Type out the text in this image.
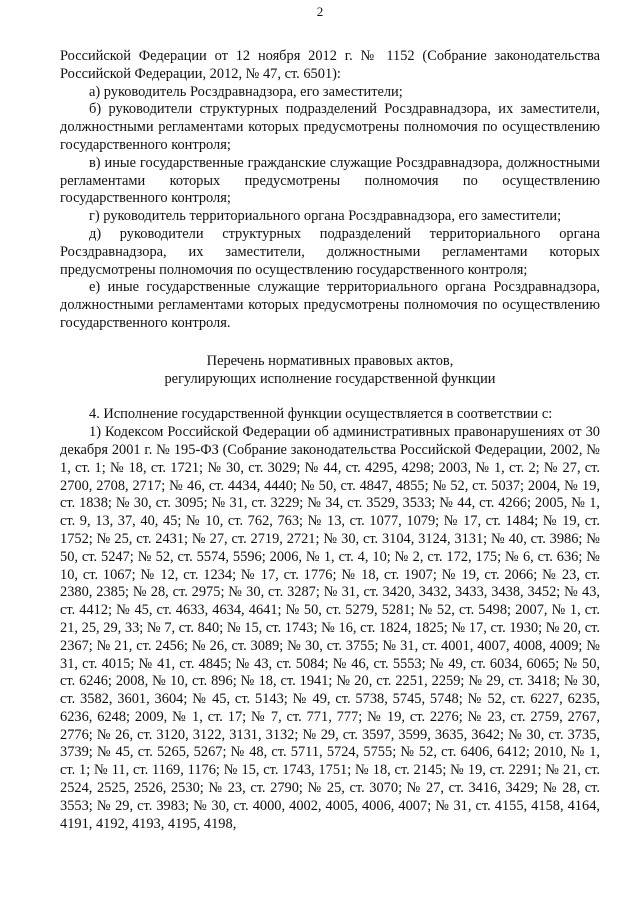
2

Российской Федерации от 12 ноября 2012 г. № 1152 (Собрание законодательства Российской Федерации, 2012, № 47, ст. 6501):

а) руководитель Росздравнадзора, его заместители;

б) руководители структурных подразделений Росздравнадзора, их заместители, должностными регламентами которых предусмотрены полномочия по осуществлению государственного контроля;

в) иные государственные гражданские служащие Росздравнадзора, должностными регламентами которых предусмотрены полномочия по осуществлению государственного контроля;

г) руководитель территориального органа Росздравнадзора, его заместители;

д) руководители структурных подразделений территориального органа Росздравнадзора, их заместители, должностными регламентами которых предусмотрены полномочия по осуществлению государственного контроля;

е) иные государственные служащие территориального органа Росздравнадзора, должностными регламентами которых предусмотрены полномочия по осуществлению государственного контроля.

Перечень нормативных правовых актов,
регулирующих исполнение государственной функции

4. Исполнение государственной функции осуществляется в соответствии с:

1) Кодексом Российской Федерации об административных правонарушениях от 30 декабря 2001 г. № 195-ФЗ (Собрание законодательства Российской Федерации, 2002, № 1, ст. 1; № 18, ст. 1721; № 30, ст. 3029; № 44, ст. 4295, 4298; 2003, № 1, ст. 2; № 27, ст. 2700, 2708, 2717; № 46, ст. 4434, 4440; № 50, ст. 4847, 4855; № 52, ст. 5037; 2004, № 19, ст. 1838; № 30, ст. 3095; № 31, ст. 3229; № 34, ст. 3529, 3533; № 44, ст. 4266; 2005, № 1, ст. 9, 13, 37, 40, 45; № 10, ст. 762, 763; № 13, ст. 1077, 1079; № 17, ст. 1484; № 19, ст. 1752; № 25, ст. 2431; № 27, ст. 2719, 2721; № 30, ст. 3104, 3124, 3131; № 40, ст. 3986; № 50, ст. 5247; № 52, ст. 5574, 5596; 2006, № 1, ст. 4, 10; № 2, ст. 172, 175; № 6, ст. 636; № 10, ст. 1067; № 12, ст. 1234; № 17, ст. 1776; № 18, ст. 1907; № 19, ст. 2066; № 23, ст. 2380, 2385; № 28, ст. 2975; № 30, ст. 3287; № 31, ст. 3420, 3432, 3433, 3438, 3452; № 43, ст. 4412; № 45, ст. 4633, 4634, 4641; № 50, ст. 5279, 5281; № 52, ст. 5498; 2007, № 1, ст. 21, 25, 29, 33; № 7, ст. 840; № 15, ст. 1743; № 16, ст. 1824, 1825; № 17, ст. 1930; № 20, ст. 2367; № 21, ст. 2456; № 26, ст. 3089; № 30, ст. 3755; № 31, ст. 4001, 4007, 4008, 4009; № 31, ст. 4015; № 41, ст. 4845; № 43, ст. 5084; № 46, ст. 5553; № 49, ст. 6034, 6065; № 50, ст. 6246; 2008, № 10, ст. 896; № 18, ст. 1941; № 20, ст. 2251, 2259; № 29, ст. 3418; № 30, ст. 3582, 3601, 3604; № 45, ст. 5143; № 49, ст. 5738, 5745, 5748; № 52, ст. 6227, 6235, 6236, 6248; 2009, № 1, ст. 17; № 7, ст. 771, 777; № 19, ст. 2276; № 23, ст. 2759, 2767, 2776; № 26, ст. 3120, 3122, 3131, 3132; № 29, ст. 3597, 3599, 3635, 3642; № 30, ст. 3735, 3739; № 45, ст. 5265, 5267; № 48, ст. 5711, 5724, 5755; № 52, ст. 6406, 6412; 2010, № 1, ст. 1; № 11, ст. 1169, 1176; № 15, ст. 1743, 1751; № 18, ст. 2145; № 19, ст. 2291; № 21, ст. 2524, 2525, 2526, 2530; № 23, ст. 2790; № 25, ст. 3070; № 27, ст. 3416, 3429; № 28, ст. 3553; № 29, ст. 3983; № 30, ст. 4000, 4002, 4005, 4006, 4007; № 31, ст. 4155, 4158, 4164, 4191, 4192, 4193, 4195, 4198,
